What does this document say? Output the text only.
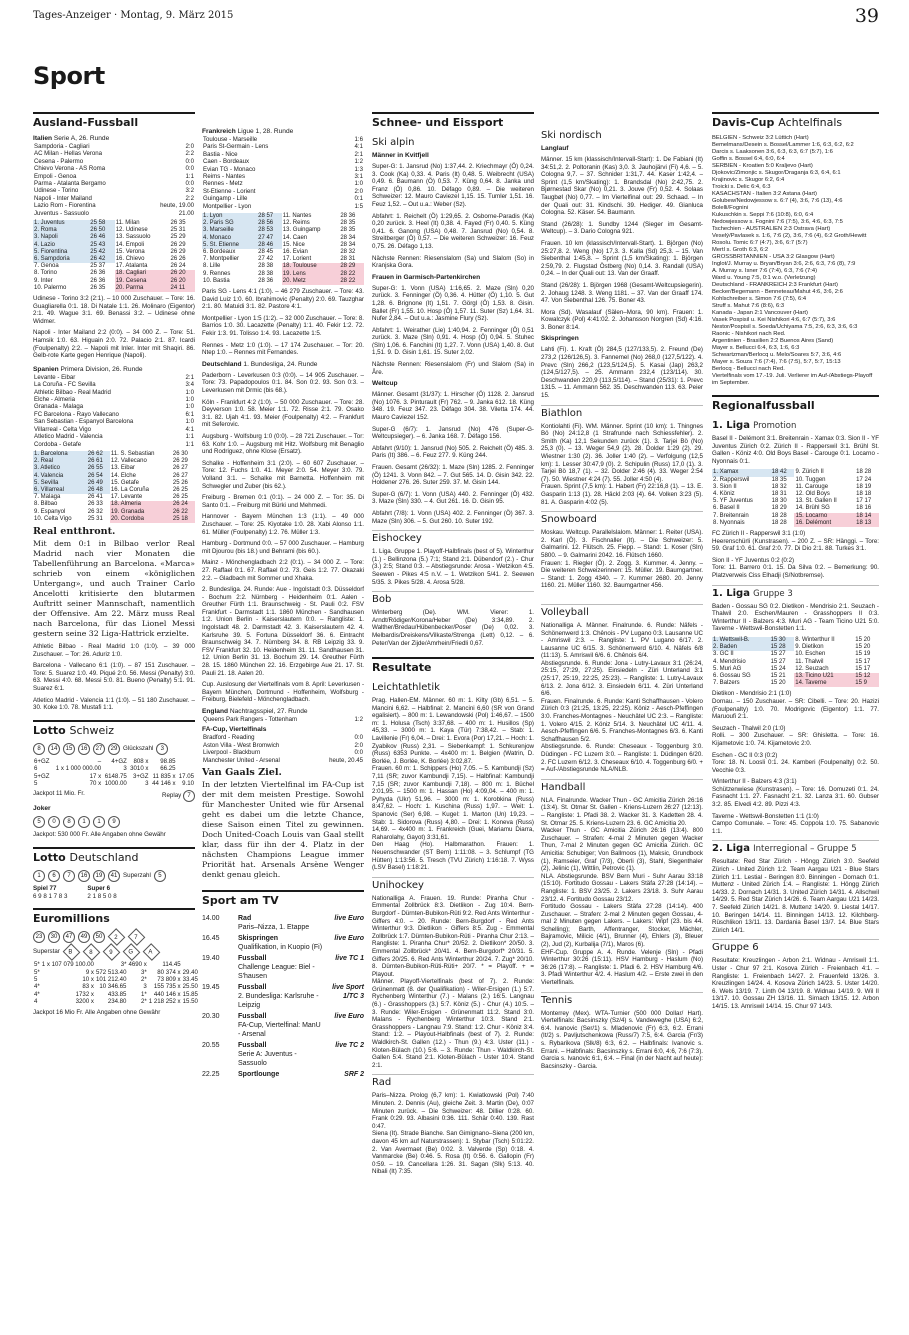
Tages-Anzeiger · Montag, 9. März 2015	39
Sport
Ausland-Fussball
Italien Serie A, 26. Runde
Sampdoria - Cagliari	2:0
AC Milan - Hellas Verona	2:2
Cesena - Palermo	0:0
Chievo Verona - AS Roma	0:0
Empoli - Genoa	1:1
Parma - Atalanta Bergamo	0:0
Udinese - Torino	3:2
Napoli - Inter Mailand	2:2
Lazio Rom - Fiorentina	heute, 19.00
Juventus - Sassuolo	21.00
1. Juventus	25 58	11. Milan	26 35
2. Roma	26 50	12. Udinese	25 31
3. Napoli	26 46	13. Sassuolo	25 29
4. Lazio	25 43	14. Empoli	26 29
5. Fiorentina	25 42	15. Verona	26 29
6. Sampdoria	26 42	16. Chievo	26 26
7. Genoa	25 37	17. Atalanta	26 24
8. Torino	26 36	18. Cagliari	26 20
9. Inter	26 36	19. Cesena	26 20
10. Palermo	26 35	20. Parma	24 11
Udinese - Torino 3:2 (2:1). – 10 000 Zuschauer. – Tore: 16. Guagliarella 0:1. 18. Di Natale 1:1. 26. Molinaro (Eigentor) 2:1. 49. Wague 3:1. 69. Benassi 3:2. – Udinese ohne Widmer.
Napoli - Inter Mailand 2:2 (0:0). – 34 000 Z. – Tore: 51. Hamsik 1:0. 63. Higuain 2:0. 72. Palacio 2:1. 87. Icardi (Foulpenalty) 2:2. – Napoli mit Inler. Inter mit Shaqiri. 86. Gelb-rote Karte gegen Henrique (Napoli).
Spanien Primera Division, 26. Runde
Levante - Eibar	2:1
La Coruña - FC Sevilla	3:4
Athletic Bilbao - Real Madrid	1:0
Elche - Almeria	1:0
Granada - Malaga	1:0
FC Barcelona - Rayo Vallecano	6:1
San Sebastian - Espanyol Barcelona	1:0
Villarreal - Celta Vigo	4:1
Atletico Madrid - Valencia	1:1
Cordoba - Getafe	1:1
1. Barcelona	26 62	11. S. Sebastian	26 30
2. Real	26 61	12. Vallecano	26 29
3. Atletico	26 55	13. Eibar	26 27
4. Valencia	26 54	14. Elche	26 27
5. Sevilla	26 49	15. Getafe	25 26
6. Villarreal	26 48	16. La Coruña	26 25
7. Malaga	26 41	17. Levante	26 25
8. Bilbao	26 33	18. Almeria	26 24
9. Espanyol	26 32	19. Granada	26 22
10. Celta Vigo	25 31	20. Cordoba	25 18
Real entthront.
Mit dem 0:1 in Bilbao verlor Real Madrid nach vier Monaten die Tabellenführung an Barcelona. «Marca» schrieb von einem «königlichen Untergang», und auch Trainer Carlo Ancelotti kritisierte den blutarmen Auftritt seiner Mannschaft, namentlich der Offensive. Am 22. März muss Real nach Barcelona, für das Lionel Messi gestern seine 32 Liga-Hattrick erzielte.
Athletic Bilbao - Real Madrid 1:0 (1:0). – 39 000 Zuschauer. – Tor: 26. Aduriz 1:0.
Barcelona - Vallecano 6:1 (1:0). – 87 151 Zuschauer. – Tore: 5. Suarez 1:0. 49. Piqué 2:0. 56. Messi (Penalty) 3:0. 63. Messi 4:0. 68. Messi 5:0. 81. Bueno (Penalty) 5:1. 91. Suarez 6:1.
Atletico Madrid - Valencia 1:1 (1:0). – 51 180 Zuschauer. – 30. Koke 1:0. 78. Mustafi 1:1.
Lotto Schweiz
8	14	15	16	27	29 Glückszahl	3
6+GZ	–	4+GZ	808 x	98.85	
6	1 x 1 000 000.00	3	3010 x	66.25	
5+GZ	17 x	6148.75	3+GZ	11 835 x	17.05
5	70 x	1000.00	3	44 146 x	9.10
Jackpot 11 Mio. Fr.	Replay 7
Joker
5	0	8	1	1	9
Jackpot: 530 000 Fr. Alle Angaben ohne Gewähr
Lotto Deutschland
1	6	7	16	19	41 Superzahl	5
Spiel 77
6 9 8 1 7 8 3
Super 6
2 1 8 5 0 8
Euromillions
23	30	47	49	50	2	7
Superstar	B	8	9	G	A
5*	1 x 107 079 100.00	3*	4690 x	114.45	
5*	9 x	572 513.40	3*	80 374 x	29.40
5	10 x	101 212.40	2*	73 809 x	33.45
4*	83 x	10 346.65	3	155 735 x	25.50
4*	1732 x	433.85	1*	440 146 x	15.85
4	3200 x	234.80	2*	1 218 252 x	15.50
Jackpot 16 Mio Fr. Alle Angaben ohne Gewähr
Frankreich Ligue 1, 28. Runde
Toulouse - Marseille	1:6
Paris St-Germain - Lens	4:1
Bastia - Nice	2:1
Caen - Bordeaux	1:2
Evian TG - Monaco	1:3
Reims - Nantes	3:1
Rennes - Metz	1:0
St-Etienne - Lorient	2:0
Guingamp - Lille	0:1
Montpellier - Lyon	1:5
1. Lyon	28 57	11. Nantes	28 36
2. Paris SG	28 56	12. Reims	28 35
3. Marseille	28 53	13. Guingamp	28 35
4. Monaco	27 47	14. Caen	28 34
5. St. Etienne	28 46	15. Nice	28 34
6. Bordeaux	28 45	16. Evian	28 32
7. Montpellier	27 42	17. Lorient	28 31
8. Lille	28 38	18. Toulouse	28 29
9. Rennes	28 38	19. Lens	28 22
10. Bastia	28 36	20. Metz	28 22
Paris SG - Lens 4:1 (1:0). – 46 279 Zuschauer. – Tore: 43. David Luiz 1:0. 60. Ibrahimovic (Penalty) 2:0. 69. Tauzghar 2:1. 80. Matuidi 3:1. 82. Pastore 4:1.
Montpellier - Lyon 1:5 (1:2). – 32 000 Zuschauer. – Tore: 8. Barrios 1:0. 30. Lacazette (Penalty) 1:1. 40. Fekir 1:2. 72. Fekir 1:3. 91. Tolisso 1:4. 93. Lacazette 1:5.
Rennes - Metz 1:0 (1:0). – 17 174 Zuschauer. – Tor: 20. Ntep 1:0. – Rennes mit Fernandes.
Deutschland 1. Bundesliga, 24. Runde
Paderborn - Leverkusen 0:3 (0:0). – 14 905 Zuschauer. – Tore: 73. Papadopoulos 0:1. 84. Son 0:2. 93. Son 0:3. – Leverkusen mit Drmic (bis 68.).
Köln - Frankfurt 4:2 (1:0). – 50 000 Zuschauer. – Tore: 28. Deyverson 1:0. 58. Meier 1:1. 72. Risse 2:1. 79. Osako 3:1. 82. Ujah 4:1. 93. Meier (Foulpenalty) 4:2. – Frankfurt mit Seferovic.
Augsburg - Wolfsburg 1:0 (0:0). – 28 721 Zuschauer. – Tor: 63. Kohr 1:0. – Augsburg mit Hitz. Wolfsburg mit Benaglio und Rodriguez, ohne Klose (Ersatz).
Schalke - Hoffenheim 3:1 (2:0). – 60 607 Zuschauer. – Tore: 12. Fuchs 1:0. 41. Meyer 2:0. 54. Meyer 3:0. 79. Volland 3:1. – Schalke mit Barnetta. Hoffenheim mit Schwegler und Zuber (bis 62.).
Freiburg - Bremen 0:1 (0:1). – 24 000 Z. – Tor: 35. Di Santo 0:1. – Freiburg mit Bürki und Mehmedi.
Hannover - Bayern München 1:3 (1:1). – 49 000 Zuschauer. – Tore: 25. Kiyotake 1:0. 28. Xabi Alonso 1:1. 61. Müller (Foulpenalty) 1:2. 76. Müller 1:3.
Hamburg - Dortmund 0:0. – 57 000 Zuschauer. – Hamburg mit Djourou (bis 18.) und Behrami (bis 60.).
Mainz - Mönchengladbach 2:2 (0:1). – 34 000 Z. – Tore: 27. Raffael 0:1. 67. Raffael 0:2. 73. Geis 1:2. 77. Okazaki 2:2. – Gladbach mit Sommer und Xhaka.
2. Bundesliga. 24. Runde: Aue - Ingolstadt 0:3. Düsseldorf - Bochum 2:2. Nürnberg - Heidenheim 0:1. Aalen - Greuther Fürth 1:1. Braunschweig - St. Pauli 0:2. FSV Frankfurt - Darmstadt 1:1. 1860 München - Sandhausen 1:2. Union Berlin - Kaiserslautern 0:0. – Rangliste: 1. Ingolstadt 48. 2. Darmstadt 42. 3. Kaiserslautern 42. 4. Karlsruhe 39. 5. Fortuna Düsseldorf 36. 6. Eintracht Braunschweig 34. 7. Nürnberg 34. 8. RB Leipzig 33. 9. FSV Frankfurt 32. 10. Heidenheim 31. 11. Sandhausen 31. 12. Union Berlin 31. 13. Bochum 29. 14. Greuther Fürth 28. 15. 1860 München 22. 16. Erzgebirge Aue 21. 17. St. Pauli 21. 18. Aalen 20.
Cup. Auslosung der Viertelfinals vom 8. April: Leverkusen - Bayern München, Dortmund - Hoffenheim, Wolfsburg - Freiburg, Bielefeld - Mönchengladbach.
England Nachtragsspiel, 27. Runde
Queens Park Rangers - Tottenham	1:2
FA-Cup, Viertelfinals
Bradford - Reading	0:0
Aston Villa - West Bromwich	2:0
Liverpool - Blackburn	0:0
Manchester United - Arsenal	heute, 20.45
Van Gaals Ziel.
In der letzten Viertelfinal im FA-Cup ist der mit dem meisten Prestige. Sowohl für Manchester United wie für Arsenal geht es dabei um die letzte Chance, diese Saison einen Titel zu gewinnen. Doch United-Coach Louis van Gaal stellt klar, dass für ihn der 4. Platz in der nächsten Champions League immer Priorität hat. Arsenals Arsène Wenger denkt genau gleich.
Sport am TV
14.00	Rad
Paris–Nizza, 1. Etappe	live Euro
16.45	Skispringen
Qualifikation, in Kuopio (Fi)	live Euro
19.40	Fussball
Challenge League: Biel - S'hausen	live TC 1
19.45	Fussball
2. Bundesliga: Karlsruhe - Leipzig	live Sport 1/TC 3
20.30	Fussball
FA-Cup, Viertelfinal: ManU - Arsenal	live Euro
20.55	Fussball
Serie A: Juventus - Sassuolo	live TC 2
22.25	Sportlounge	SRF 2
Schnee- und Eissport
Ski alpin
Männer in Kvitfjell
Super-G: 1. Jansrud (No) 1:37,44. 2. Kriechmayr (Ö) 0,24. 3. Cook (Ka) 0,33. 4. Paris (It) 0,48. 5. Weibrecht (USA) 0,49. 6. Baumann (Ö) 0,53. 7. Küng 0,64. 8. Janka und Franz (Ö) 0,86. 10. Défago 0,89. – Die weiteren Schweizer: 12. Mauro Caviezel 1,15. 15. Tumler 1,51. 16. Feuz 1,52. – Out u.a.: Weber (Sz).
Abfahrt: 1. Reichelt (Ö) 1:29,65. 2. Osborne-Paradis (Ka) 0,20 zurück. 3. Heel (It) 0,38. 4. Fayed (Fr) 0,40. 5. Küng 0,41. 6. Ganong (USA) 0,48. 7. Jansrud (No) 0,54. 8. Streitberger (Ö) 0,57. – Die weiteren Schweizer: 16. Feuz 0,75. 26. Défago 1,13.
Nächste Rennen: Riesenslalom (Sa) und Slalom (So) in Kranjska Gora.
Frauen in Garmisch-Partenkirchen
Super-G: 1. Vonn (USA) 1:16,65. 2. Maze (Sln) 0,20 zurück. 3. Fenninger (Ö) 0,36. 4. Hütter (Ö) 1,10. 5. Gut 1,28. 6. Brignone (It) 1,51. 7. Görgl (Ö) 1,53. 8. Gisin. Ballet (Fr) 1,55. 10. Hosp (Ö) 1,57. 11. Suter (Sz) 1,64. 31. Nufer 2,84. – Out u.a.: Jasmine Flury (Sz).
Abfahrt: 1. Weirather (Lie) 1:40,94. 2. Fenninger (Ö) 0,51 zurück. 3. Maze (Sln) 0,91. 4. Hosp (Ö) 0,94. 5. Stuhec (Sln) 1,06. 6. Fanchini (It) 1,27. 7. Vonn (USA) 1,40. 8. Gut 1,51. 9. D. Gisin 1,61. 15. Suter 2,02.
Nächste Rennen: Riesenslalom (Fr) und Slalom (Sa) in Åre.
Weltcup
Männer. Gesamt (31/37): 1. Hirscher (Ö) 1128. 2. Jansrud (No) 1076. 3. Pinturault (Fr) 762. – 9. Janka 612. 18. Küng 348. 19. Feuz 347. 23. Défago 304. 38. Viletta 174. 44. Mauro Caviezel 152.
Super-G (6/7): 1. Jansrud (No) 476 (Super-G-Weltcupsieger). – 6. Janka 168. 7. Défago 156.
Abfahrt (9/10): 1. Jansrud (No) 505. 2. Reichelt (Ö) 485. 3. Paris (It) 386. – 6. Feuz 277. 9. Küng 244.
Frauen. Gesamt (26/32): 1. Maze (Sln) 1285. 2. Fenninger (Ö) 1241. 3. Vonn 842. – 7. Gut 565. 14. D. Gisin 342. 22. Holdener 276. 26. Suter 259. 37. M. Gisin 144.
Super-G (6/7): 1. Vonn (USA) 440. 2. Fenninger (Ö) 432. 3. Maze (Sln) 330. – 4. Gut 261. 16. D. Gisin 95.
Abfahrt (7/8): 1. Vonn (USA) 402. 2. Fenninger (Ö) 367. 3. Maze (Sln) 306. – 5. Gut 260. 10. Suter 192.
Eishockey
1. Liga. Gruppe 1. Playoff-Halbfinals (best of 5). Winterthur (1.) - Bellinzona (5.) 7:1; Stand 2:1. Dübendorf (2.) - Chur (3.) 2:5; Stand 0:3. – Abstiegsrunde: Arosa - Wetzikon 4:5. Seewen - Pikes 4:5 n.V. – 1. Wetzikon 5/41. 2. Seewen 5/35. 3. Pikes 5/28. 4. Arosa 5/28.
Bob
Winterberg (De). WM. Vierer: 1. Arndt/Rödiger/Korona/Heber (De) 3:34,89. 2. Walther/Bredau/Hübenbecker/Poser (De) 0,02. 3. Melbardis/Dreiskens/Vilkaste/Strenga (Lett) 0,12. – 6. Peter/Van der Zijde/Amrhein/Friedli 0,67.
Resultate
Leichtathletik
Prag. Hallen-EM. Männer. 60 m: 1. Kilty (Gb) 6,51. – 5. Mancini 6,62. – Halbfinal: 2. Mancini 6,60 (SR von Grand egalisiert). – 800 m: 1. Lewandowski (Pol) 1:46,67. – 1500 m: 1. Holusa (Tsch) 3:37,68. – 400 m: 1. Husillos (Sp) 45,33. – 3000 m: 1. Kaya (Tür) 7:38,42. – Stab: 1. Lavillenie (Fr) 6,04. – Drei: 1. Evora (Por) 17,21. – Hoch: 1. Zyabikov (Russ) 2,31. – Siebenkampf: 1. Schkurenjow (Russ) 6353 Punkte. – 4x400 m: 1. Belgien (Watrin, D. Borlée, J. Borlée, K. Borlée) 3:02,87.
Frauen. 60 m: 1. Schippers (Ho) 7,05. – 5. Kambundji (Sz) 7,11 (SR; zuvor Kambundji 7,15). – Halbfinal: Kambundji 7,15 (SR; zuvor Kambundji 7,18). – 800 m: 1. Büchel 2:01,95. – 1500 m: 1. Hassan (Ho) 4:09,04. – 400 m: 1. Pyhyda (Ukr) 51,96. – 3000 m: 1. Korobkina (Russ) 8:47,62. – Hoch: 1. Kuschina (Russ) 1,97. – Weit: 1. Spanovic (Ser) 6,98. – Kugel: 1. Marton (Un) 19,23. – Stab: 1. Sidorova (Russ) 4,80. – Drei: 1. Koneva (Russ) 14,69. – 4x400 m: 1. Frankreich (Guei, Mariamu Diarra, Raharolahy, Gayot) 3:31,61.
Den Haag (Ho). Halbmarathon. Frauen: 1. Neuenschwander (ST Bern) 1:11:08. – 3. Schlumpf (TG Hütten) 1:13:56. 5. Tresch (TVU Zürich) 1:16:18. 7. Wyss (LSV Basel) 1:18:21.
Unihockey
Nationalliga A. Frauen. 19. Runde: Piranha Chur - Emmental Zollbrück 8:3. Dietlikon - Zug 10:4. Bern-Burgdorf - Dürnten-Bubikon-Rüti 9:2. Red Ants Winterthur - Giffers 4:0. – 20. Runde: Bern-Burgdorf - Red Ants Winterthur 9:3. Dietlikon - Giffers 8:5. Zug - Emmental Zollbrück 1:7. Dürnten-Bubikon-Rüti - Piranha Chur 2:13. – Rangliste: 1. Piranha Chur* 20/52. 2. Dietlikon* 20/50. 3. Emmental Zollbrück* 20/41. 4. Bern-Burgdorf* 20/31. 5. Giffers 20/25. 6. Red Ants Winterthur 20/24. 7. Zug* 20/10. 8. Dürnten-Bubikon-Rüti-Rüti+ 20/7. * = Playoff. + = Playout.
Männer. Playoff-Viertelfinals (best of 7). 2. Runde: Grünenmatt (8. der Qualifikation) - Wiler-Ersigen (1.) 5:7. Rychenberg Winterthur (7.) - Malans (2.) 16:5. Langnau (6.) - Grasshoppers (3.) 5:7. Köniz (5.) - Chur (4.) 10:5. – 3. Runde: Wiler-Ersigen - Grünenmatt 11:2. Stand 3:0. Malans - Rychenberg Winterthur 10:3. Stand 2:1. Grasshoppers - Langnau 7:9. Stand: 1:2. Chur - Köniz 3:4. Stand: 1:2. – Playout-Halbfinals (best of 7). 2. Runde: Waldkirch-St. Gallen (12.) - Thun (9.) 4:3. Uster (11.) - Kloten-Bülach (10.) 5:6. – 3. Runde: Thun - Waldkirch-St. Gallen 5:4. Stand 2:1. Kloten-Bülach - Uster 10:4. Stand 2:1.
Rad
Paris–Nizza. Prolog (6,7 km): 1. Kwiatkowski (Pol) 7:40 Minuten. 2. Dennis (Au), gleiche Zeit. 3. Martin (De), 0:07 Minuten zurück. – Die Schweizer: 48. Dillier 0:28. 60. Frank 0:29. 93. Albasini 0:36. 111. Schär 0:40. 139. Rast 0:47.
Siena (It). Strade Bianche. San Gimignano–Siena (200 km, davon 45 km auf Naturstrassen): 1. Stybar (Tsch) 5:01:22. 2. Van Avermaet (Be) 0:02. 3. Valverde (Sp) 0:18. 4. Vanmarcke (Be) 0:46. 5. Rosa (It) 0:56. 6. Gallopin (Fr) 0:59. – 19. Cancellara 1:26. 31. Sagan (Slk) 5:13. 40. Nibali (It) 7:35.
Ski nordisch
Langlauf
Männer. 15 km (klassisch/Intervall-Start): 1. De Fabiani (It) 34:51,2. 2. Poltoranin (Kas) 3,0. 3. Jauhojärvi (Fi) 4,6. – 5. Cologna 9,7. – 37. Schnider 1:31,7. 44. Kaser 1:42,4. – Sprint (1,5 km/Skating): 1. Brandsdal (No) 2:42,75. 2. Bjørnestad Skar (No) 0,21. 3. Jouve (Fr) 0,52. 4. Solaas Taugbøl (No) 0,77. – Im Viertelfinal out: 29. Schaad. – In der Quali out: 31. Kindschi. 39. Hediger. 49. Gianluca Cologna. 52. Käser. 54. Baumann.
Stand (26/28): 1. Sundby 1244 (Sieger im Gesamt-Weltcup). – 3. Dario Cologna 921.
Frauen. 10 km (klassisch/Intervall-Start). 1. Björgen (No) 25:27,8. 2. Weng (No) 17,3. 3. Kalla (Sd) 25,3. – 15. Van Siebenthal 1:45,8. – Sprint (1,5 km/Skating): 1. Björgen 2:59,79. 2. Flugstad Östberg (No) 0,14. 3. Randall (USA) 0,24. – In der Quali out: 13. Van der Graaff.
Stand (26/28): 1. Björgen 1968 (Gesamt-Weltcupsiegerin). 2. Johaug 1248. 3. Weng 1181. – 37. Van der Graaff 174. 47. Von Siebenthal 126. 75. Boner 43.
Mora (Sd). Wasalauf (Sälen–Mora, 90 km). Frauen: 1. Kowalczyk (Pol) 4:41:02. 2. Johansson Norgren (Sd) 4:16. 3. Boner 8:14.
Skispringen
Lahti (Fi). 1. Kraft (Ö) 284,5 (127/133,5). 2. Freund (De) 273,2 (126/126,5). 3. Fannemel (No) 268,0 (127,5/122). 4. Prevc (Sln) 266,2 (123,5/124,5). 5. Kasai (Jap) 263,2 (124,5/127,5). – 25. Ammann 232,4 (123/114). 30. Deschwanden 220,9 (113,5/114). – Stand (25/31): 1. Prevc 1315. – 11. Ammann 562. 35. Deschwanden 113. 63. Peier 15.
Biathlon
Kontiolahti (Fi). WM. Männer. Sprint (10 km): 1. Thingnes Bö (No) 24:12,8 (1 Strafrunde nach Schiessfehler). 2. Smith (Ka) 12,1 Sekunden zurück (1). 3. Tarjei Bö (No) 25,3 (0). – 13. Weger 54,9 (2). 28. Dolder 1:29 (2). 29. Wiestner 1:30 (2). 36. Joller 1:40 (2). – Verfolgung (12,5 km): 1. Lesser 30:47,9 (0). 2. Schipulin (Russ) 17,0 (1). 3. Tarjei Bö 18,7 (1). – 32. Dolder 2:46 (4). 33. Weger 2:54 (7). 50. Wiestner 4:24 (7). 55. Joller 4:50 (4).
Frauen. Sprint (7,5 km): 1. Habert (Fr) 22:16,8 (1). – 13. E. Gasparin 1:13 (1). 28. Häckl 2:03 (4). 64. Volken 3:23 (5). 81. A. Gasparin 4:02 (5).
Snowboard
Moskau. Weltcup. Parallelslalom. Männer: 1. Reiter (USA). 2. Karl (Ö). 3. Fischnaller (It). – Die Schweizer: 5. Galmarini. 12. Flütsch. 25. Fiepp. – Stand: 1. Koser (Sln) 5800. – 9. Galmarini 2042. 16. Flütsch 1660.
Frauen: 1. Riegler (Ö). 2. Zogg. 3. Kummer. 4. Jenny. – Die weiteren Schweizerinnen: 15. Müller. 19. Baumgartner. – Stand: 1. Zogg 4340. – 7. Kummer 2680. 20. Jenny 1160. 21. Müller 1160. 32. Baumgartner 456.
Volleyball
Nationalliga A. Männer. Finalrunde. 6. Runde: Näfels - Schönenwerd 1:3. Chênois - PV Lugano 0:3. Lausanne UC - Amriswil 2:3. – Rangliste: 1. PV Lugano 6/17. 2. Lausanne UC 6/15. 3. Schönenwerd 6/10. 4. Näfels 6/8 (11:13). 5. Amriswil 6/6. 6. Chênois 6/4.
Abstiegsrunde. 6. Runde: Jona - Lutry-Lavaux 3:1 (26:24, 25:15, 27:29, 27:25). Einsiedeln - Züri Unterland 3:1 (25:17, 25:19, 22:25, 25:23). – Rangliste: 1. Lutry-Lavaux 6/13. 2. Jona 6/12. 3. Einsiedeln 6/11. 4. Züri Unterland 6/6.
Frauen. Finalrunde. 6. Runde: Kanti Schaffhausen - Volero Zürich 0:3 (21:25, 13:25, 22:25). Köniz - Aesch-Pfeffingen 3:0. Franches-Montagnes - Neuchâtel UC 2:3. – Rangliste: 1. Volero 4/15. 2. Köniz 5/14. 3. Neuchâtel UC 4/11. 4. Aesch-Pfeffingen 6/6. 5. Franches-Montagnes 6/3. 6. Kanti Schaffhausen 5/2.
Abstiegsrunde. 6. Runde: Cheseaux - Toggenburg 3:0. Düdingen - FC Luzern 3:0. – Rangliste: 1. Düdingen 6/20. 2. FC Luzern 6/12. 3. Cheseaux 6/10. 4. Toggenburg 6/0. + = Auf-/Abstiegsrunde NLA/NLB.
Handball
NLA. Finalrunde. Wacker Thun - GC Amicitia Zürich 26:16 (13:4). St. Otmar St. Gallen - Kriens-Luzern 26:27 (12:13). – Rangliste: 1. Pfadi 38. 2. Wacker 31. 3. Kadetten 28. 4. St. Otmar 25. 5. Kriens-Luzern 23. 6. GC Amicitia 20.
Wacker Thun - GC Amicitia Zürich 26:16 (13:4). 800 Zuschauer. – Strafen: 4-mal 2 Minuten gegen Wacker Thun, 7-mal 2 Minuten gegen GC Amicitia Zürich. GC Amicitia: Schubiger; Von Ballmoos (1), Maksic, Grundbock (1), Ramseier, Graf (7/3), Oberli (3), Stahl, Siegenthaler (2), Jelinic (1), Wittlin, Petrovic (1).
NLA. Abstiegsrunde. BSV Bern Muri - Suhr Aarau 33:18 (15:10). Fortitudo Gossau - Lakers Stäfa 27:28 (14:14). – Rangliste: 1. BSV 23/25. 2. Lakers 23/18. 3. Suhr Aarau 23/12. 4. Fortitudo Gossau 23/12.
Fortitudo Gossau - Lakers Stäfa 27:28 (14:14). 400 Zuschauer. – Strafen: 2-mal 2 Minuten gegen Gossau, 4-mal 2 Minuten gegen Lakers. – Lakers: Wipf (23. bis 44. Schelling); Barth, Affentranger, Stocker, Mächler, Bajramovic, Milicic (4/1), Brunner (4), Ehlers (3), Bleuer (2), Jud (2), Kurbalija (7/1), Maros (6).
EHF-Cup. Gruppe A. 4. Runde. Velenje (Sln) - Pfadi Winterthur 30:26 (15:11). HSV Hamburg - Haslum (No) 36:26 (17:8). – Rangliste: 1. Pfadi 6. 2. HSV Hamburg 4/6. 3. Pfadi Winterthur 4/2. 4. Haslum 4/2. – Erste zwei in den Viertelfinals.
Tennis
Monterrey (Mex). WTA-Turnier (500 000 Dollar/ Hart). Viertelfinals: Bacsinszky (Sz/4) s. Vandeweghe (USA) 6:2, 6:4. Ivanovic (Ser/1) s. Mladenovic (Fr) 6:3, 6:2. Errani (It/2) s. Pavljutschenkowa (Russ/7) 7:5, 6:4. Garcia (Fr/3) s. Rybarikova (Slk/8) 6:3, 6:2. – Halbfinals: Ivanovic s. Errani. – Halbfinals: Bacsinszky s. Errani 6:0, 4:6, 7:6 (7:3). Garcia s. Ivanovic 6:1, 6:4. – Final (in der Nacht auf heute): Bacsinszky - Garcia.
Davis-Cup Achtelfinals
BELGIEN - Schweiz 3:2 Lüttich (Hart)
Bemelmans/Desein s. Bossel/Lammer 1:6, 6:3, 6:2, 6:2
Darcis s. Laaksonen 3:6, 6:3, 6:3, 6:7 (5:7), 1:6
Goffin s. Bossel 6:4, 6:0, 6:4
SERBIEN - Kroatien 5:0 Kraljevo (Hart)
Djokovic/Zimonjic s. Skugor/Draganja 6:3, 6:4, 6:1
Krajinovic s. Skugor 6:2, 6:4
Troicki s. Delic 6:4, 6:3
KASACHSTAN - Italien 3:2 Astana (Hart)
Golubew/Nedowjessow s. 6:7 (4), 3:6, 7:6 (13), 4:6 Bolelli/Fognini
Kukuschkin s. Seppi 7:6 (10:8), 6:0, 6:4
Nedowjessow s. Fognini 7:6 (7:5), 3:6, 4:6, 6:3, 7:5
Tschechien - AUSTRALIEN 2:3 Ostrava (Hart)
Veselý/Pavlasek s. 1:6, 7:6 (2), 3:6, 7:6 (4), 6:2 Groth/Hewitt
Rosolu. Tomic 6:7 (4:7), 3:6, 6:7 (5:7)
Mertl s. Groth 6:3, 6:2
GROSSBRITANNIEN - USA 3:2 Glasgow (Hart)
Inglot/J. Murray u. Bryan/Bryan 3:6, 2:6, 6:3, 7:6 (8), 7:9
A. Murray s. Isner 7:6 (7:4), 6:3, 7:6 (7:4)
Ward u. Young 7:5, 0:1 w.o. (Verletzung)
Deutschland - FRANKREICH 2:3 Frankfurt (Hart)
Becker/Begemann - Benneteau/Mahut 4:6, 3:6, 2:6
Kohlschreiber s. Simon 7:6 (7:5), 6:4
Struff s. Mahut 7:6 (8:6), 6:3
Kanada - Japan 2:1 Vancouver (Hart)
Vasek Pospisil u. Kei Nishikori 4:6, 6:7 (5:7), 3:6
Nestor/Pospisil s. Soeda/Uchiyama 7:5, 2:6, 6:3, 3:6, 6:3
Raonic - Nishikori nach Red.
Argentinien - Brasilien 2:2 Buenos Aires (Sand)
Mayer s. Bellucci 6:4, 6:3, 1:6, 6:3
Schwartzman/Berlocq u. Melo/Soares 5:7, 3:6, 4:6
Mayer s. Souza 7:6 (7:4), 7:6 (7:5), 5:7, 5:7, 15:13
Berlocq - Bellucci nach Red.
Viertelfinals vom 17.-19. Juli. Verlierer im Auf-/Abstiegs-Playoff im September.
Regionalfussball
1. Liga Promotion
Basel II - Delémont 3:1. Breitenrain - Xamax 0:3. Sion II - YF Juventus Zürich 0:2. Zürich II - Rapperswil 3:1. Brühl St. Gallen - Köniz 4:0. Old Boys Basel - Carouge 0:1. Locarno - Nyonnais 0:1.
1. Xamax	18 42	9. Zürich II	18 28
2. Rapperswil	18 35	10. Tuggen	17 24
3. Sion II	18 32	11. Carouge	18 19
4. Köniz	18 31	12. Old Boys	18 18
5. YF Juventus	18 30	13. St. Gallen II	17 17
6. Basel II	18 29	14. Brühl SG	18 16
7. Breitenrain	18 28	15. Locarno	18 14
8. Nyonnais	18 28	16. Delémont	18 13
FC Zürich II - Rapperswil 3:1 (1:0)
Heerenschürli (Kunstrasen). – 200 Z. – SR: Hänggi. – Tore: 59. Graf 1:0. 61. Graf 2:0. 77. Di Dio 2:1. 88. Turkes 3:1.
Sion II - YF Juventus 0:2 (0:2)
Tore: 11. Barrero 0:1. 15. Da Silva 0:2. – Bemerkung: 90. Platzverweis Ciss Elhadji (S/Notbremse).
1. Liga Gruppe 3
Baden - Gossau SG 0:2. Dietikon - Mendrisio 2:1. Seuzach - Thalwil 2:0. Eschen/Mauren - Grasshoppers II 0:3. Winterthur II - Balzers 4:3. Muri AG - Team Ticino U21 5:0. Taverne - Wettswil-Bonstetten 1:1.
1. Wettswil-B.	15 30	8. Winterthur II	15 20
2. Baden	15 28	9. Dietikon	15 20
3. GC II	15 27	10. Eschen	15 19
4. Mendrisio	15 27	11. Thalwil	15 17
5. Muri AG	15 24	12. Seuzach	15 17
6. Gossau SG	15 21	13. Ticino U21	15 12
7. Balzers	15 20	14. Taverne	15 9
Dietikon - Mendrisio 2:1 (1:0)
Dornau. – 150 Zuschauer. – SR: Cibelli. – Tore: 20. Hazizi (Foulpenalty) 1:0. 70. Modrigovic (Eigentor) 1:1. 77. Maruoufi 2:1.
Seuzach - Thalwil 2:0 (1:0)
Rolli. – 300 Zuschauer. – SR: Ghisletta. – Tore: 16. Kijametovic 1:0. 74. Kijametovic 2:0.
Eschen - GC II 0:3 (0:2)
Tore: 18. N. Loosli 0:1. 24. Kamberi (Foulpenalty) 0:2. 50. Vecchie 0:3.
Winterthur II - Balzers 4:3 (3:1)
Schützenwiese (Kunstrasen). – Tore: 16. Domuzeti 0:1. 24. Fasnacht 1:1. 27. Fasnacht 2:1. 32. Lanza 3:1. 60. Gubser 3:2. 85. Elvedi 4:2. 89. Pizzi 4:3.
Taverne - Wettswil-Bonstetten 1:1 (1:0)
Campo Comunale. – Tore: 45. Coppola 1:0. 75. Sabanovic 1:1.
2. Liga Interregional – Gruppe 5
Resultate: Red Star Zürich - Höngg Zürich 3:0. Seefeld Zürich - United Zürich 1:2. Team Aargau U21 - Blue Stars Zürich 1:1. Lestial - Beringen 8:0. Binningen - Dornach 0:1. Muttenz - United Zürich 1:4. – Rangliste: 1. Höngg Zürich 14/33. 2. Dornach 14/31. 3. United Zürich 14/31. 4. Allschwil 14/29. 5. Red Star Zürich 14/26. 6. Team Aargau U21 14/23. 7. Seefeld Zürich 14/21. 8. Muttenz 14/20. 9. Liestal 14/17. 10. Beringen 14/14. 11. Binningen 14/13. 12. Kilchberg-Rüschlikon 13/11. 13. Dardania Basel 13/7. 14. Blue Stars Zürich 14/1.
Gruppe 6
Resultate: Kreuzlingen - Arbon 2:1. Widnau - Amriswil 1:1. Uster - Chur 97 2:1. Kosova Zürich - Freienbach 4:1. – Rangliste: 1. Freienbach 14/27. 2. Frauenfeld 13/26. 3. Kreuzlingen 14/24. 4. Kosova Zürich 14/23. 5. Uster 14/20. 6. Wels 13/19. 7. Linth 04 13/19. 8. Widnau 14/19. 9. Wil II 13/17. 10. Gossau ZH 13/16. 11. Sirnach 13/15. 12. Arbon 14/15. 13. Amriswil 14/14. 15. Chur 97 14/3.
